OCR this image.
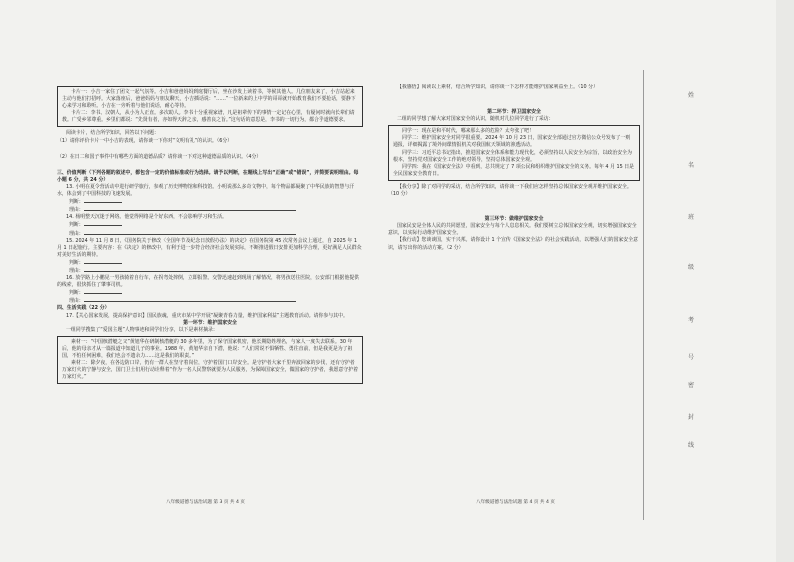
卡片一：小吉一家住了团文一起气氛等。小吉和爸爸妈妈到庭餐厅后，坐在沙发上读着书，等候其他人。几位朋友来了，小吉站起来主动与他们打招呼。大家落座后，爸爸妈妈与朋友聊天，小吉插话说：“……”一位新来的上中学的哥哥就开始教育我们不要抢话，要静下心来学习和聆听。小吉在一旁听着与他们说话，耐心等待。

卡片二：李书、汉朝人，从小为人正直。多次助人。李书十分重视家谱，凡是祖辈传下的事情一定记在心里，有疑问时就向长辈们请教。广受乡邻尊重。乡里们都说：“先贤有者，亦如得天辞之亲，感善良之旨。”这句话的意思是，李书的一切行为，都合乎道德要求。

阅读卡片，结合所学知识，回答以下问题：

（1）请你评价卡片一中小吉的表现，请你谈一下你对“文明有礼”的认识。（6分）

（2）在日二和国子事件中有哪些方面的道德品质？请你谈一下对这种道德品质的认识。（4分）

三、价值判断（下列各题的叙述中，都包含一定的价值标准或行为选择。请予以判断，在题线上写出“正确”或“错误”，并简要说明理由。每小题 6 分，共 24 分）

13. 小明在夏令营活动中进行研学旅行，参观了历史博物馆和科技馆。小明说那么多奇文物中，每个物品都凝聚了中华民族的智慧与汗水，体会到了中国科技的飞速发展。

判断：

理由：

14. 杨明整天沉迷于网络。他觉得网络是个好东西，不会影响学习和生活。

判断：

理由：

15. 2024 年 11 月 8 日，《国务院关于修改〈全国年节及纪念日放假办法〉的决定》在国务院第 45 次常务会议上通过，自 2025 年 1 月 1 日起施行。主要内容：在《决定》的修改中，有利于进一步符合经济社会发展实际，不断推进假日安排更加科学合理，更好满足人民群众对美好生活的期待。

判断：

理由：

16. 放学路上小鹏见一男孩骑着自行车，在拐弯处摔倒，立即报警。交警迅速赶到现场了解情况，将男孩送往医院，公安部门根据他提供的线索，很快抓住了肇事司机。

判断：

理由：

四、生活实践（22 分）

17.【关心国家发展，提高保护意识】国民族魂，重庆市某中学开展“凝聚青春力量，维护国家利益”主题教育活动。请你参与其中。

第一环节：维护国家安全

一组同学搜集了“爱国主题”人物事迹和同学们分享，以下是素材摘录：

素材一：“中国核潜艇之父”黄旭华在研制核潜艇的 30 多年里，为了保守国家机密，他长期隐姓埋名，与家人一度失去联系。30 年后，他的母亲才从一篇报道中知道儿子的事业。1988 年，黄旭华亲自下潜，他说：“人们常说不惧牺牲、勇往直前，但是我更是为了祖国，不怕任何困难，我们也会不遗余力……这是我们的职责。”

素材二：除夕夜，在各边防口岸，仍有一群人在坚守着岗位，守护着国门口岸安全。是守护者大家千里奔波回家的步伐，还有守护者万家灯火的宁静与安全，国门卫士们用行动诠释着“作为一名人民警察就要为人民服务，为保障国家安全，做国家的守护者，我愿意守护着万家灯火。”

八年级道德与法治试题 第 3 页 共 4 页

【我感悟】阅读以上素材，结合所学知识，请你谈一下怎样才能维护国家利益至上。（10 分）

第二环节：捍卫国家安全

二组的同学想了解大家对国家安全的认识，随机对几位同学进行了采访：

同学一：现在是和平时代，哪来那么多的危险？太夸张了吧！

同学二：维护国家安全对同学很重要。2024 年 10 月 23 日，国家安全部通过官方微信公众号发布了一则通报，详细揭露了境外间谍情报机关对我国航天领域的渗透活动。

同学三：习近平总书记指出，推进国家安全体系和能力现代化，必须坚持以人民安全为宗旨，以政治安全为根本，坚持党对国家安全工作的绝对领导，坚持总体国家安全观。

同学四：我在《国家安全法》中看到，总共规定了 7 项公民和组织维护国家安全的义务。每年 4 月 15 日是全民国家安全教育日。

【我分享】除了对同学的采访，结合所学知识，请你谈一下我们应怎样坚持总体国家安全观并维护国家安全。（10 分）

第三环节：做维护国家安全

国家民安是全体人民的共同愿望，国家安全与每个人息息相关。我们要树立总体国家安全观，切实增强国家安全意识，以实际行动维护国家安全。

【我行动】您谈谈国，实干兴邦。请你设计 1 个宣传《国家安全法》的社会实践活动，以增强人们的国家安全意识，请写出你的活动方案。（2 分）

八年级道德与法治试题 第 4 页 共 4 页
姓
名
班
级
考
号
密
封
线
